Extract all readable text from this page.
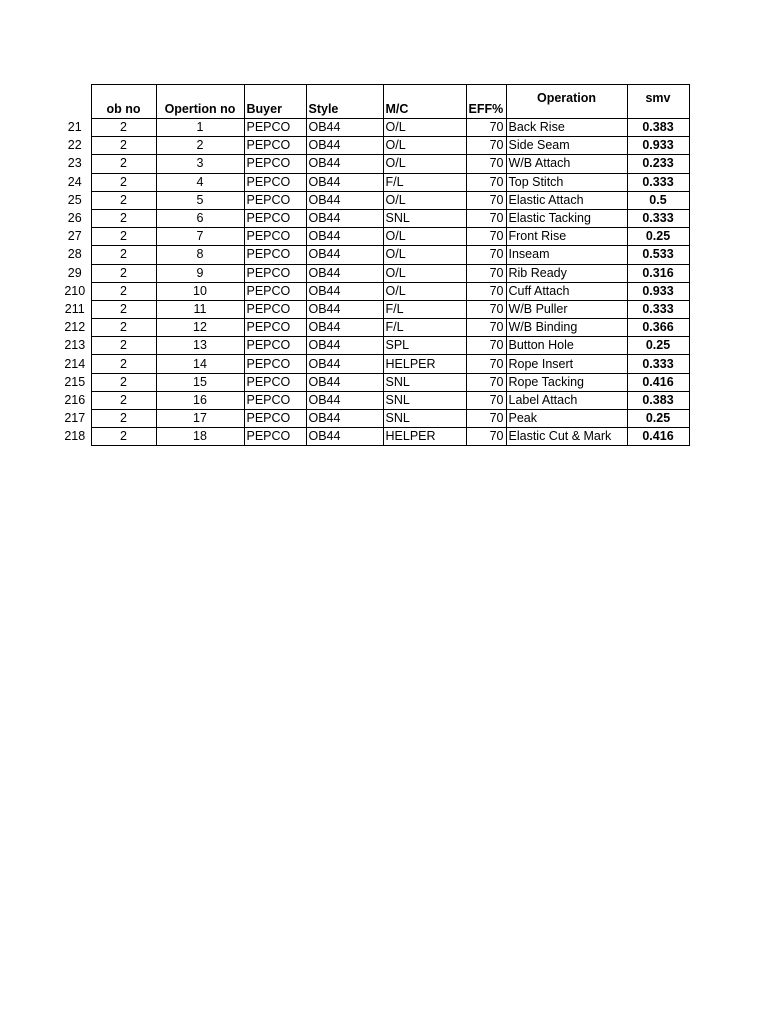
	ob no	Opertion no	Buyer	Style	M/C	EFF%	Operation	smv
21	2	1	PEPCO	OB44	O/L	70	Back Rise	0.383
22	2	2	PEPCO	OB44	O/L	70	Side Seam	0.933
23	2	3	PEPCO	OB44	O/L	70	W/B Attach	0.233
24	2	4	PEPCO	OB44	F/L	70	Top Stitch	0.333
25	2	5	PEPCO	OB44	O/L	70	Elastic Attach	0.5
26	2	6	PEPCO	OB44	SNL	70	Elastic Tacking	0.333
27	2	7	PEPCO	OB44	O/L	70	Front Rise	0.25
28	2	8	PEPCO	OB44	O/L	70	Inseam	0.533
29	2	9	PEPCO	OB44	O/L	70	Rib Ready	0.316
210	2	10	PEPCO	OB44	O/L	70	Cuff Attach	0.933
211	2	11	PEPCO	OB44	F/L	70	W/B Puller	0.333
212	2	12	PEPCO	OB44	F/L	70	W/B Binding	0.366
213	2	13	PEPCO	OB44	SPL	70	Button Hole	0.25
214	2	14	PEPCO	OB44	HELPER	70	Rope Insert	0.333
215	2	15	PEPCO	OB44	SNL	70	Rope Tacking	0.416
216	2	16	PEPCO	OB44	SNL	70	Label Attach	0.383
217	2	17	PEPCO	OB44	SNL	70	Peak	0.25
218	2	18	PEPCO	OB44	HELPER	70	Elastic Cut & Mark	0.416
